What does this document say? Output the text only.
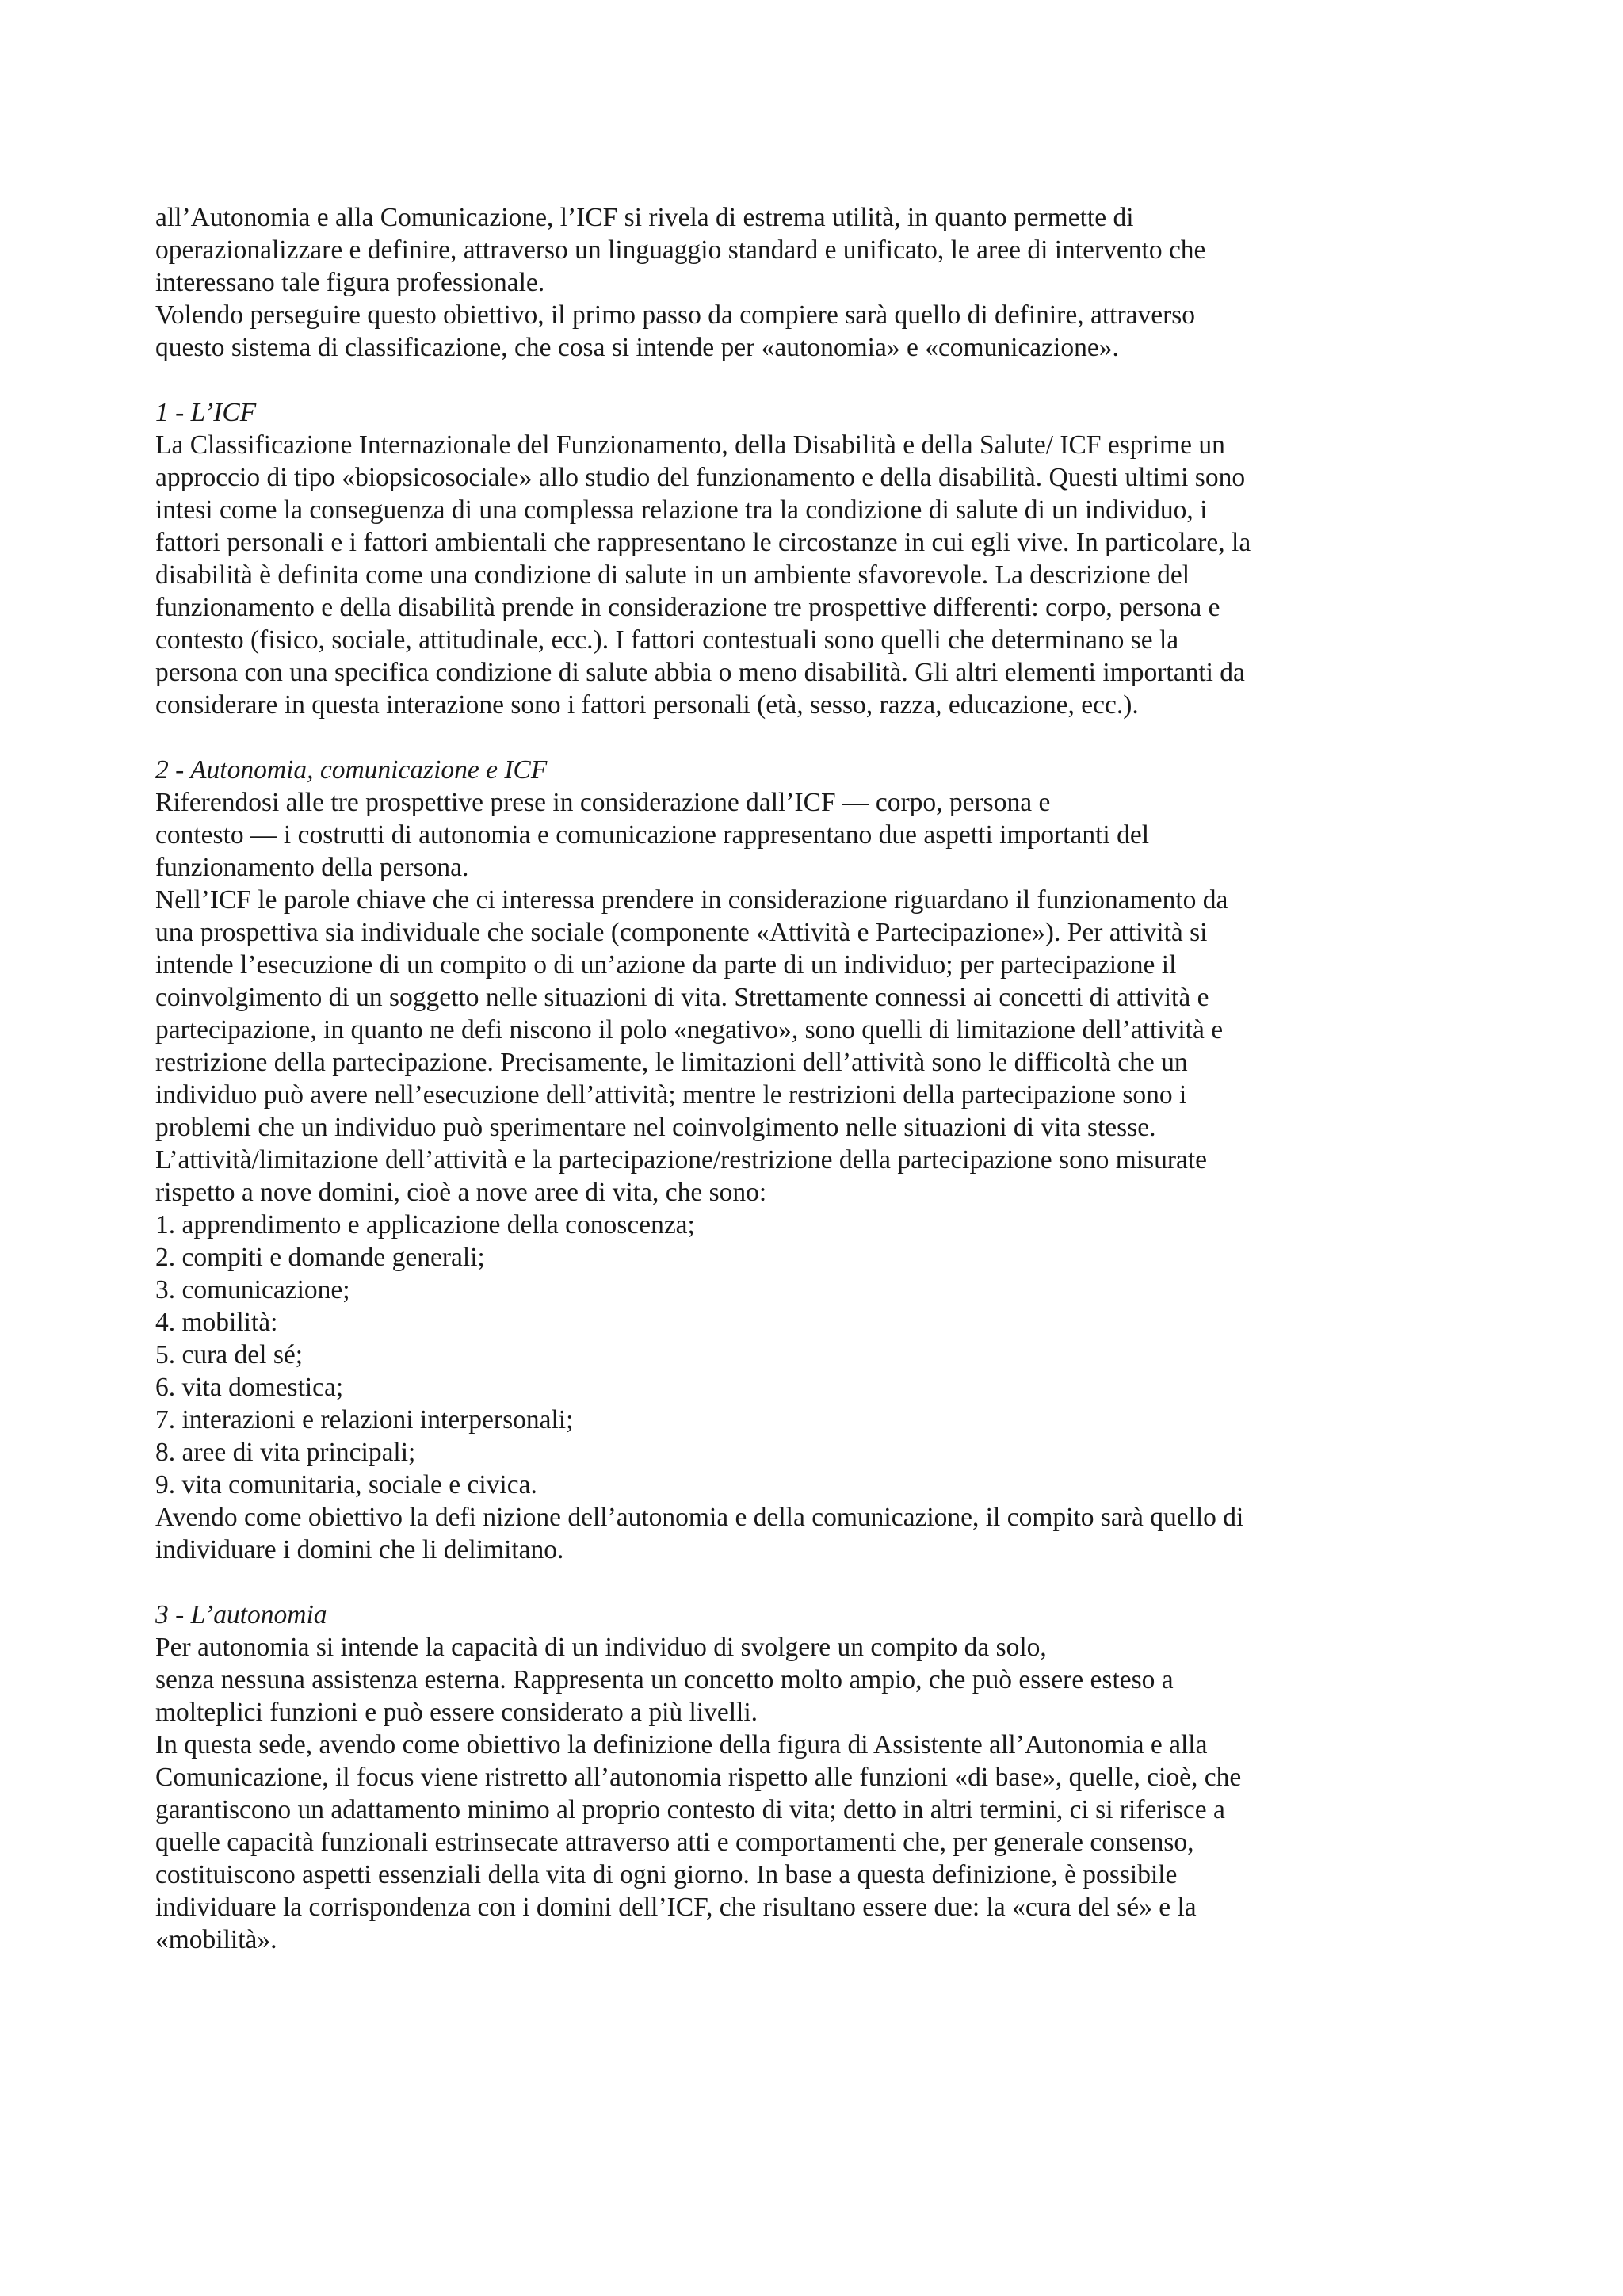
all’Autonomia e alla Comunicazione, l’ICF si rivela di estrema utilità, in quanto permette di
operazionalizzare e definire, attraverso un linguaggio standard e unificato, le aree di intervento che
interessano tale figura professionale.

Volendo perseguire questo obiettivo, il primo passo da compiere sarà quello di definire, attraverso
questo sistema di classificazione, che cosa si intende per «autonomia» e «comunicazione».

1 - L’ICF

La Classificazione Internazionale del Funzionamento, della Disabilità e della Salute/ ICF esprime un
approccio di tipo «biopsicosociale» allo studio del funzionamento e della disabilità. Questi ultimi sono
intesi come la conseguenza di una complessa relazione tra la condizione di salute di un individuo, i
fattori personali e i fattori ambientali che rappresentano le circostanze in cui egli vive. In particolare, la
disabilità è definita come una condizione di salute in un ambiente sfavorevole. La descrizione del
funzionamento e della disabilità prende in considerazione tre prospettive differenti: corpo, persona e
contesto (fisico, sociale, attitudinale, ecc.). I fattori contestuali sono quelli che determinano se la
persona con una specifica condizione di salute abbia o meno disabilità. Gli altri elementi importanti da
considerare in questa interazione sono i fattori personali (età, sesso, razza, educazione, ecc.).

2 - Autonomia, comunicazione e ICF

Riferendosi alle tre prospettive prese in considerazione dall’ICF — corpo, persona e
contesto — i costrutti di autonomia e comunicazione rappresentano due aspetti importanti del
funzionamento della persona.

Nell’ICF le parole chiave che ci interessa prendere in considerazione riguardano il funzionamento da
una prospettiva sia individuale che sociale (componente «Attività e Partecipazione»). Per attività si
intende l’esecuzione di un compito o di un’azione da parte di un individuo; per partecipazione il
coinvolgimento di un soggetto nelle situazioni di vita. Strettamente connessi ai concetti di attività e
partecipazione, in quanto ne defi niscono il polo «negativo», sono quelli di limitazione dell’attività e
restrizione della partecipazione. Precisamente, le limitazioni dell’attività sono le difficoltà che un
individuo può avere nell’esecuzione dell’attività; mentre le restrizioni della partecipazione sono i
problemi che un individuo può sperimentare nel coinvolgimento nelle situazioni di vita stesse.

L’attività/limitazione dell’attività e la partecipazione/restrizione della partecipazione sono misurate
rispetto a nove domini, cioè a nove aree di vita, che sono:

1. apprendimento e applicazione della conoscenza;

2. compiti e domande generali;

3. comunicazione;

4. mobilità:

5. cura del sé;

6. vita domestica;

7. interazioni e relazioni interpersonali;

8. aree di vita principali;

9. vita comunitaria, sociale e civica.

Avendo come obiettivo la defi nizione dell’autonomia e della comunicazione, il compito sarà quello di
individuare i domini che li delimitano.

3 - L’autonomia

Per autonomia si intende la capacità di un individuo di svolgere un compito da solo,
senza nessuna assistenza esterna. Rappresenta un concetto molto ampio, che può essere esteso a
molteplici funzioni e può essere considerato a più livelli.

In questa sede, avendo come obiettivo la definizione della figura di Assistente all’Autonomia e alla
Comunicazione, il focus viene ristretto all’autonomia rispetto alle funzioni «di base», quelle, cioè, che
garantiscono un adattamento minimo al proprio contesto di vita; detto in altri termini, ci si riferisce a
quelle capacità funzionali estrinsecate attraverso atti e comportamenti che, per generale consenso,
costituiscono aspetti essenziali della vita di ogni giorno. In base a questa definizione, è possibile
individuare la corrispondenza con i domini dell’ICF, che risultano essere due: la «cura del sé» e la
«mobilità».
